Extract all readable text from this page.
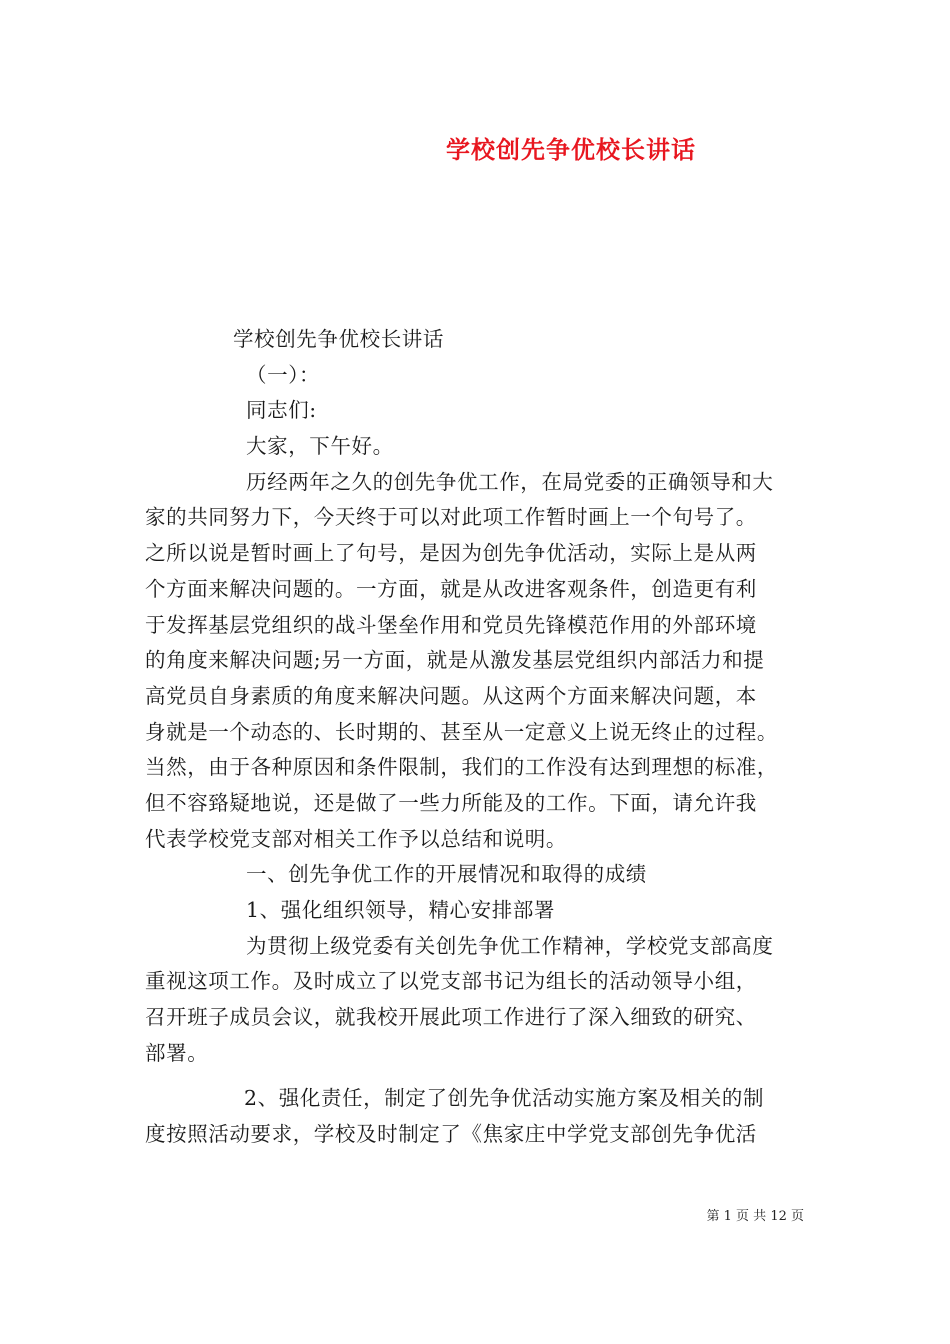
学校创先争优校长讲话
学校创先争优校长讲话
（一）：
同志们:
大家，下午好。
历经两年之久的创先争优工作，在局党委的正确领导和大
家的共同努力下，今天终于可以对此项工作暂时画上一个句号了。
之所以说是暂时画上了句号，是因为创先争优活动，实际上是从两
个方面来解决问题的。一方面，就是从改进客观条件，创造更有利
于发挥基层党组织的战斗堡垒作用和党员先锋模范作用的外部环境
的角度来解决问题;另一方面，就是从激发基层党组织内部活力和提
高党员自身素质的角度来解决问题。从这两个方面来解决问题，本
身就是一个动态的、长时期的、甚至从一定意义上说无终止的过程。
当然，由于各种原因和条件限制，我们的工作没有达到理想的标准，
但不容臵疑地说，还是做了一些力所能及的工作。下面，请允许我
代表学校党支部对相关工作予以总结和说明。
一、创先争优工作的开展情况和取得的成绩
1、强化组织领导，精心安排部署
为贯彻上级党委有关创先争优工作精神，学校党支部高度
重视这项工作。及时成立了以党支部书记为组长的活动领导小组，
召开班子成员会议，就我校开展此项工作进行了深入细致的研究、
部署。
2、强化责任，制定了创先争优活动实施方案及相关的制
度按照活动要求，学校及时制定了《焦家庄中学党支部创先争优活
第 1 页 共 12 页
